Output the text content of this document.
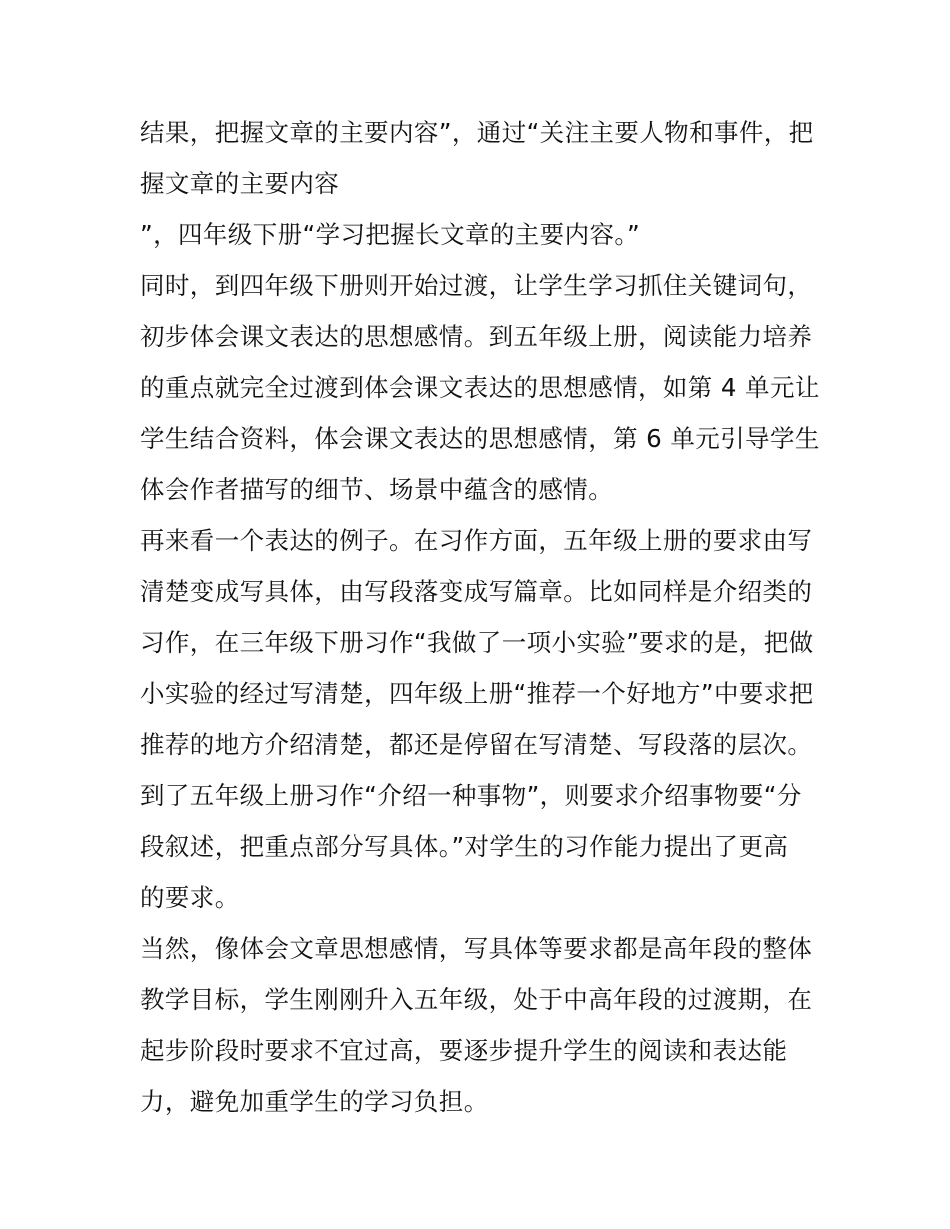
结果，把握文章的主要内容”，通过“关注主要人物和事件，把
握文章的主要内容
”，四年级下册“学习把握长文章的主要内容。”
同时，到四年级下册则开始过渡，让学生学习抓住关键词句，
初步体会课文表达的思想感情。到五年级上册，阅读能力培养
的重点就完全过渡到体会课文表达的思想感情，如第 4 单元让
学生结合资料，体会课文表达的思想感情，第 6 单元引导学生
体会作者描写的细节、场景中蕴含的感情。
再来看一个表达的例子。在习作方面，五年级上册的要求由写
清楚变成写具体，由写段落变成写篇章。比如同样是介绍类的
习作，在三年级下册习作“我做了一项小实验”要求的是，把做
小实验的经过写清楚，四年级上册“推荐一个好地方”中要求把
推荐的地方介绍清楚，都还是停留在写清楚、写段落的层次。
到了五年级上册习作“介绍一种事物”，则要求介绍事物要“分
段叙述，把重点部分写具体。”对学生的习作能力提出了更高
的要求。
当然，像体会文章思想感情，写具体等要求都是高年段的整体
教学目标，学生刚刚升入五年级，处于中高年段的过渡期，在
起步阶段时要求不宜过高，要逐步提升学生的阅读和表达能
力，避免加重学生的学习负担。
